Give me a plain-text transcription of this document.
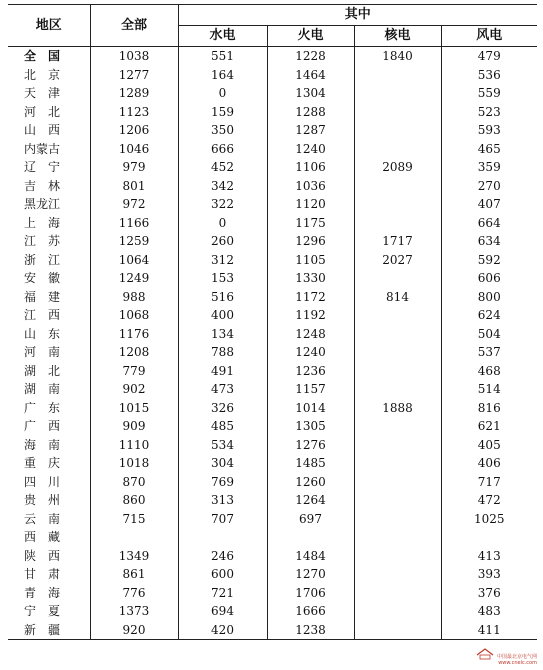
地区	全部	其中			
		水电	火电	核电	风电
全　国	1038	551	1228	1840	479
北　京	1277	164	1464		536
天　津	1289	0	1304		559
河　北	1123	159	1288		523
山　西	1206	350	1287		593
内蒙古	1046	666	1240		465
辽　宁	979	452	1106	2089	359
吉　林	801	342	1036		270
黑龙江	972	322	1120		407
上　海	1166	0	1175		664
江　苏	1259	260	1296	1717	634
浙　江	1064	312	1105	2027	592
安　徽	1249	153	1330		606
福　建	988	516	1172	814	800
江　西	1068	400	1192		624
山　东	1176	134	1248		504
河　南	1208	788	1240		537
湖　北	779	491	1236		468
湖　南	902	473	1157		514
广　东	1015	326	1014	1888	816
广　西	909	485	1305		621
海　南	1110	534	1276		405
重　庆	1018	304	1485		406
四　川	870	769	1260		717
贵　州	860	313	1264		472
云　南	715	707	697		1025
西　藏					
陕　西	1349	246	1484		413
甘　肃	861	600	1270		393
青　海	776	721	1706		376
宁　夏	1373	694	1666		483
新　疆	920	420	1238		411
中国最北京电气网
www.cnelc.com
